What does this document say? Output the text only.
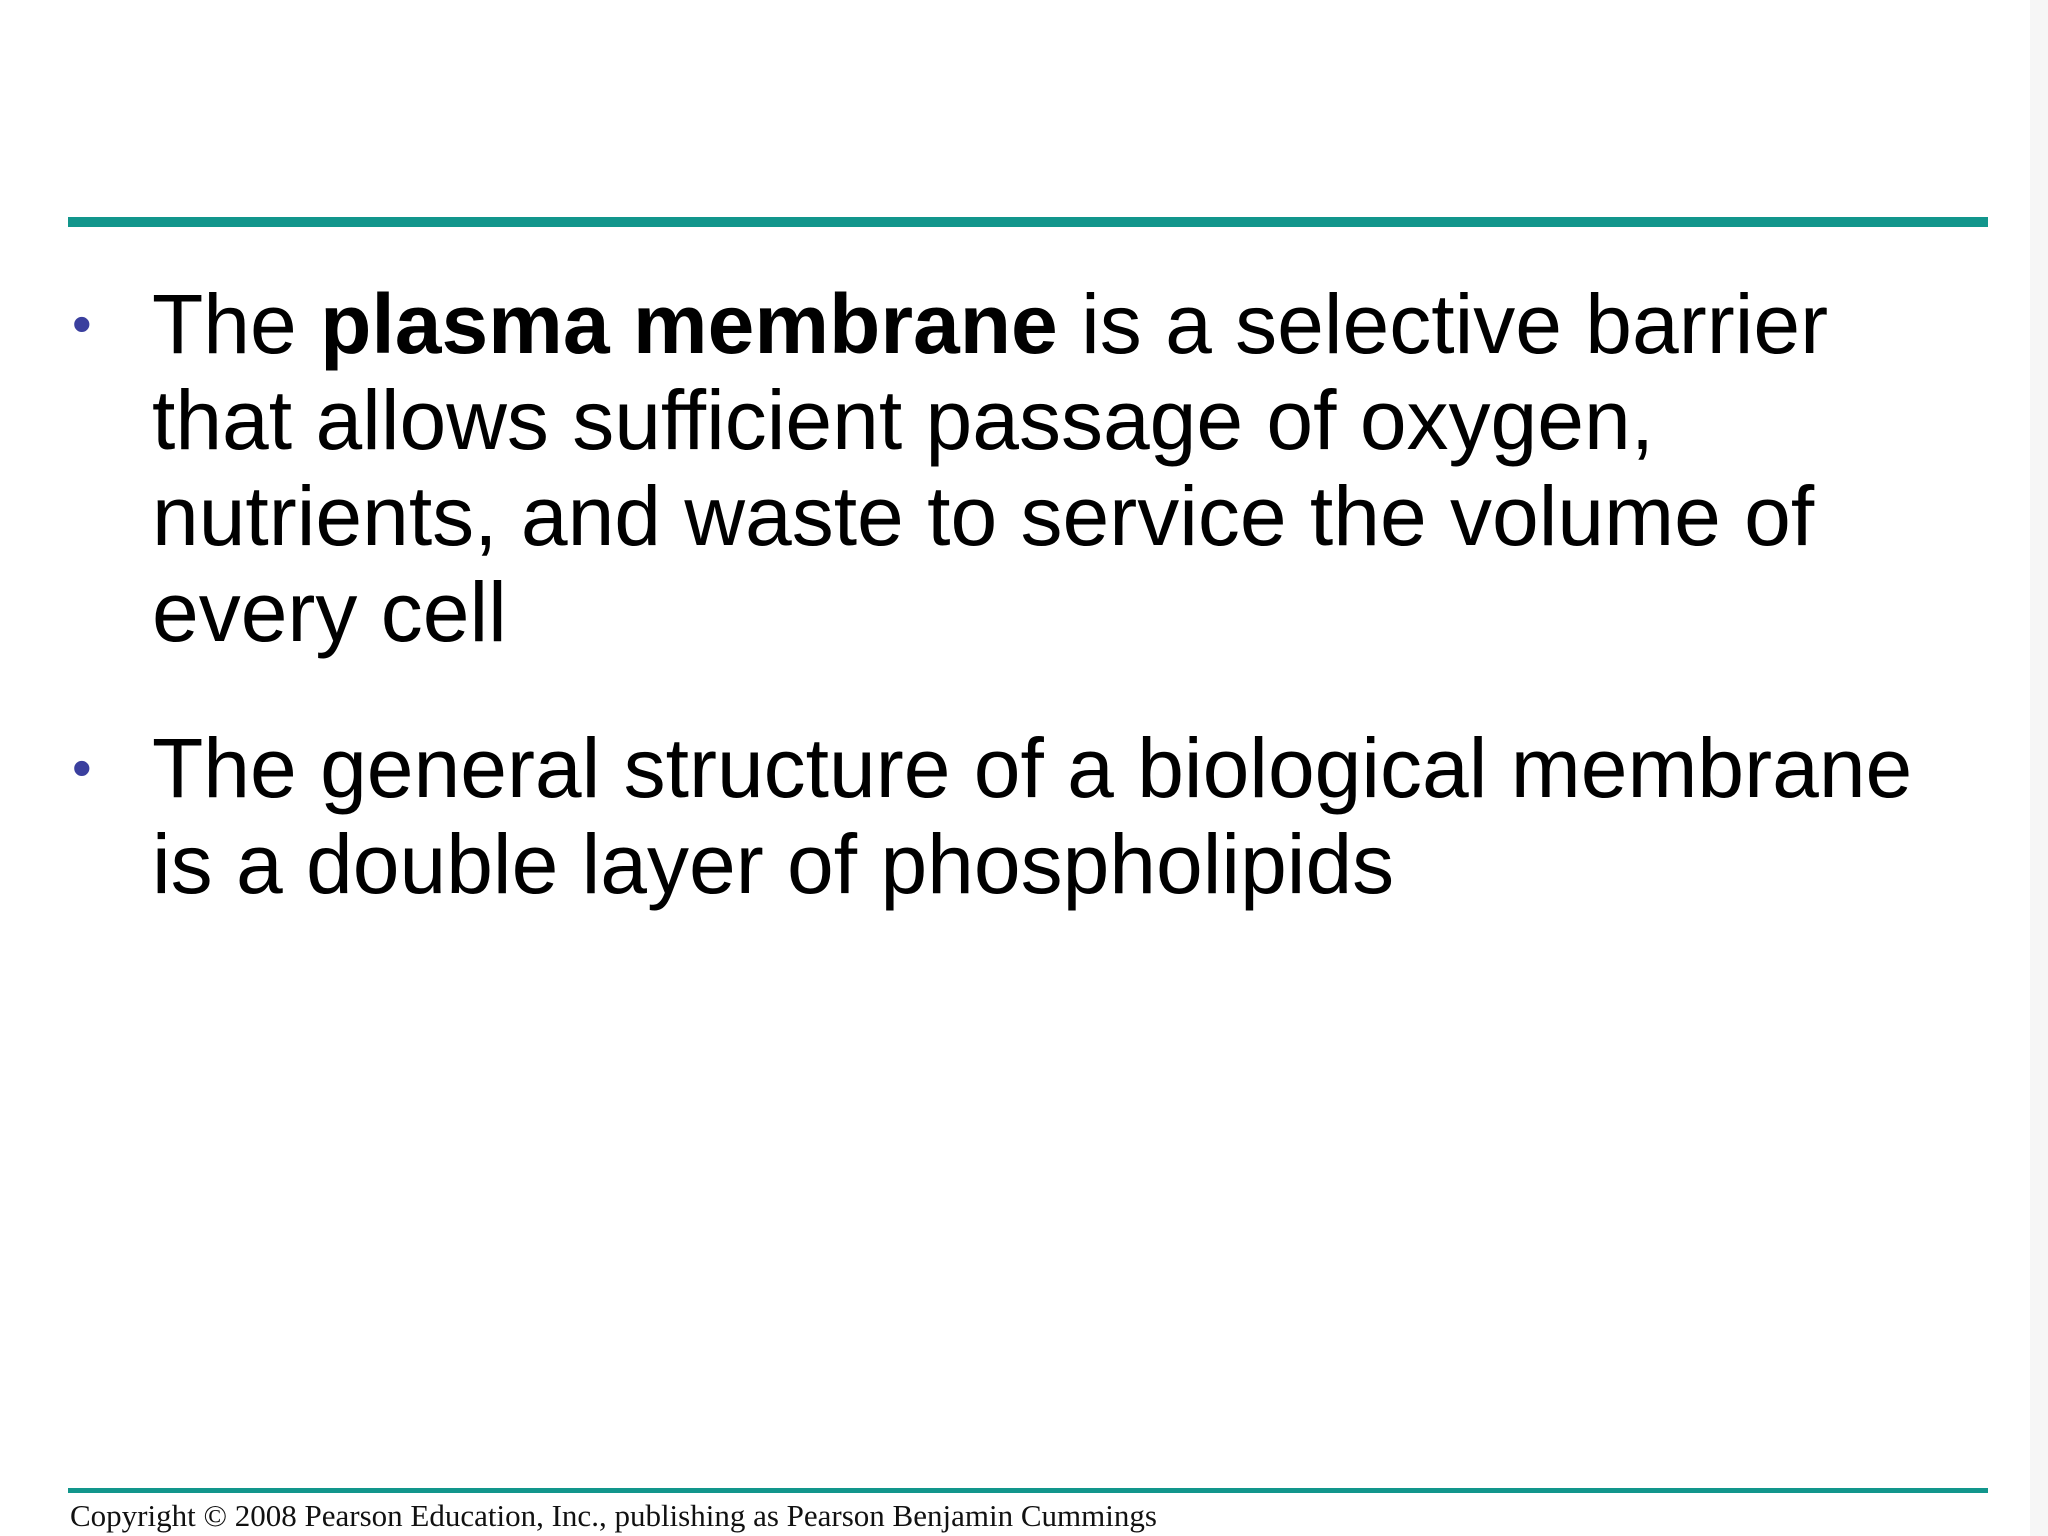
• The plasma membrane is a selective barrier that allows sufficient passage of oxygen, nutrients, and waste to service the volume of every cell
• The general structure of a biological membrane is a double layer of phospholipids
Copyright © 2008 Pearson Education, Inc., publishing as Pearson Benjamin Cummings
